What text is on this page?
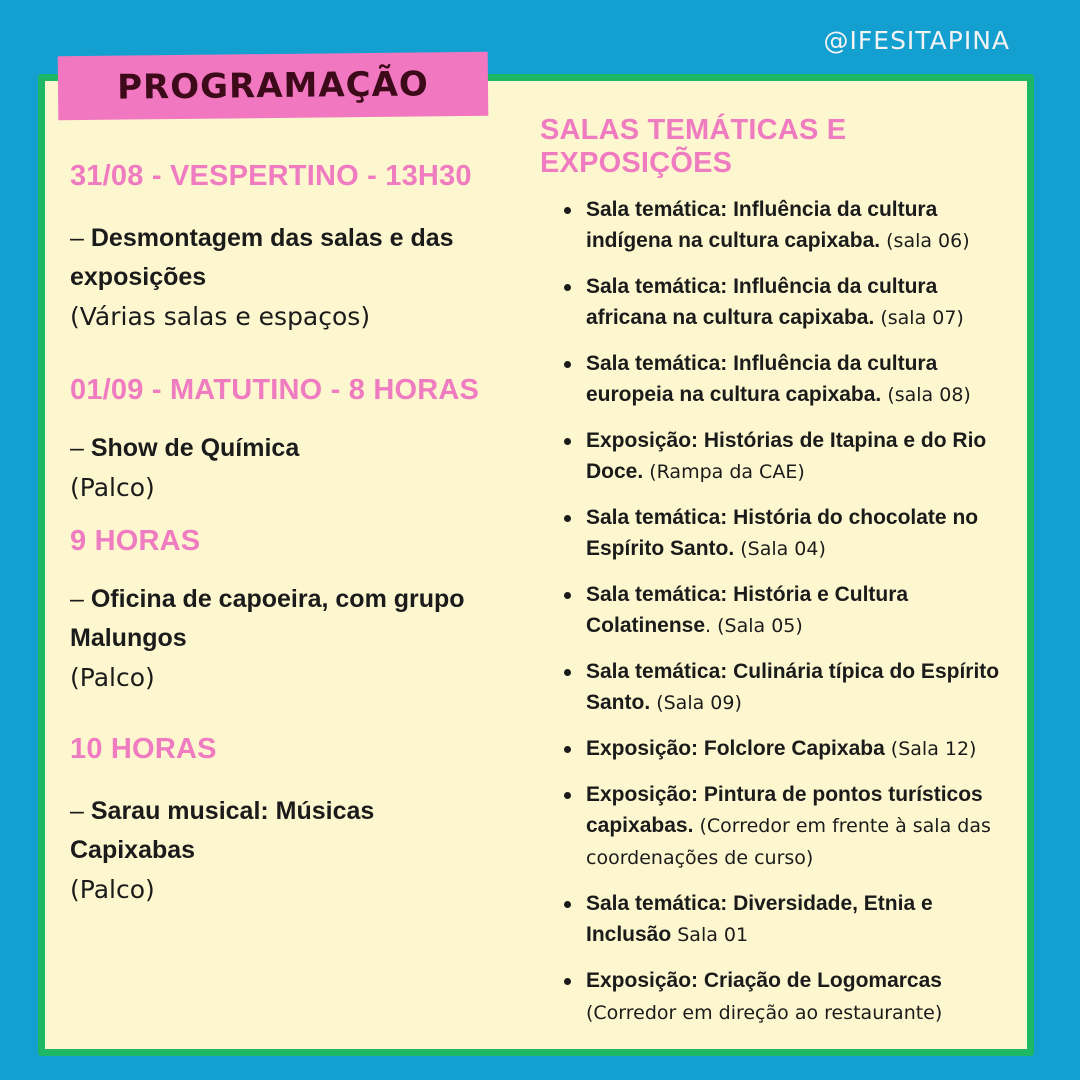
@IFESITAPINA
PROGRAMAÇÃO
31/08 - VESPERTINO - 13H30
– Desmontagem das salas e das exposições
(Várias salas e espaços)
01/09 - MATUTINO - 8 HORAS
– Show de Química
(Palco)
9 HORAS
– Oficina de capoeira, com grupo Malungos
(Palco)
10 HORAS
– Sarau musical: Músicas Capixabas
(Palco)
SALAS TEMÁTICAS E EXPOSIÇÕES
Sala temática: Influência da cultura indígena na cultura capixaba. (sala 06)
Sala temática: Influência da cultura africana na cultura capixaba. (sala 07)
Sala temática: Influência da cultura europeia na cultura capixaba. (sala 08)
Exposição: Histórias de Itapina e do Rio Doce. (Rampa da CAE)
Sala temática: História do chocolate no Espírito Santo. (Sala 04)
Sala temática: História e Cultura Colatinense. (Sala 05)
Sala temática: Culinária típica do Espírito Santo. (Sala 09)
Exposição: Folclore Capixaba (Sala 12)
Exposição: Pintura de pontos turísticos capixabas. (Corredor em frente à sala das coordenações de curso)
Sala temática: Diversidade, Etnia e Inclusão Sala 01
Exposição: Criação de Logomarcas (Corredor em direção ao restaurante)
